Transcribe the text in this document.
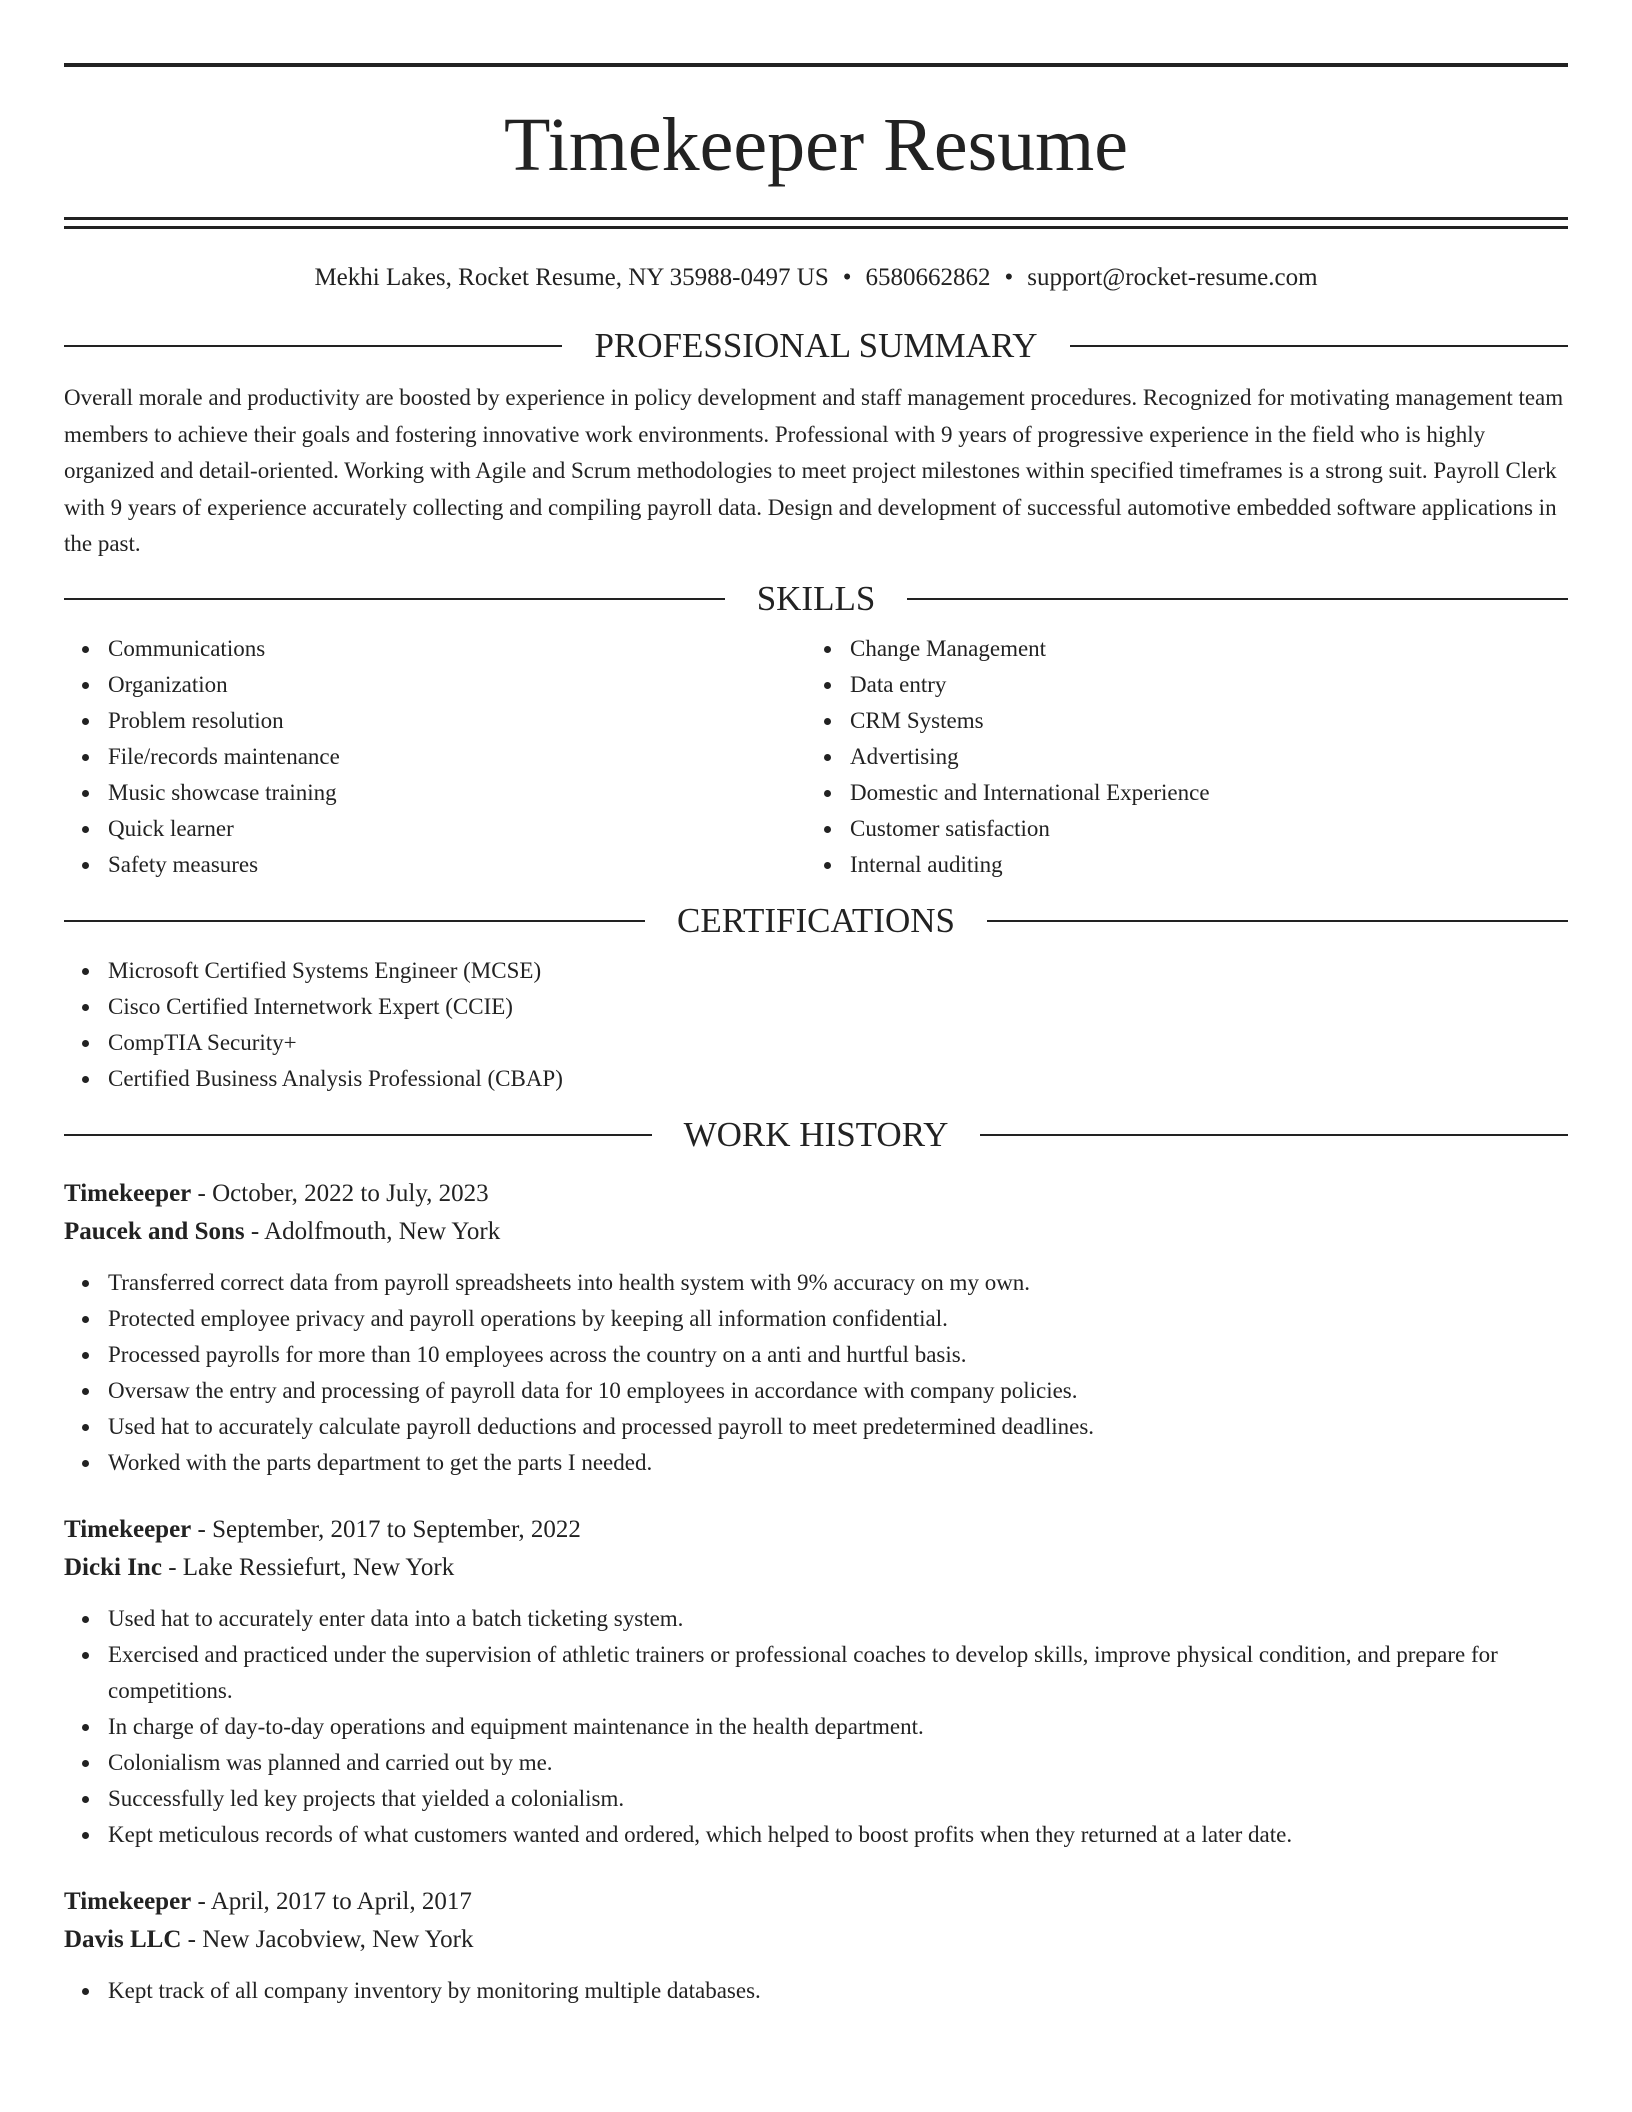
Timekeeper Resume
Mekhi Lakes, Rocket Resume, NY 35988-0497 US • 6580662862 • support@rocket-resume.com
PROFESSIONAL SUMMARY

Overall morale and productivity are boosted by experience in policy development and staff management procedures. Recognized for motivating management team members to achieve their goals and fostering innovative work environments. Professional with 9 years of progressive experience in the field who is highly organized and detail-oriented. Working with Agile and Scrum methodologies to meet project milestones within specified timeframes is a strong suit. Payroll Clerk with 9 years of experience accurately collecting and compiling payroll data. Design and development of successful automotive embedded software applications in the past.

SKILLS
Communications
Organization
Problem resolution
File/records maintenance
Music showcase training
Quick learner
Safety measures
Change Management
Data entry
CRM Systems
Advertising
Domestic and International Experience
Customer satisfaction
Internal auditing
CERTIFICATIONS
Microsoft Certified Systems Engineer (MCSE)
Cisco Certified Internetwork Expert (CCIE)
CompTIA Security+
Certified Business Analysis Professional (CBAP)
WORK HISTORY
Timekeeper - October, 2022 to July, 2023
Paucek and Sons - Adolfmouth, New York
Transferred correct data from payroll spreadsheets into health system with 9% accuracy on my own.
Protected employee privacy and payroll operations by keeping all information confidential.
Processed payrolls for more than 10 employees across the country on a anti and hurtful basis.
Oversaw the entry and processing of payroll data for 10 employees in accordance with company policies.
Used hat to accurately calculate payroll deductions and processed payroll to meet predetermined deadlines.
Worked with the parts department to get the parts I needed.
Timekeeper - September, 2017 to September, 2022
Dicki Inc - Lake Ressiefurt, New York
Used hat to accurately enter data into a batch ticketing system.
Exercised and practiced under the supervision of athletic trainers or professional coaches to develop skills, improve physical condition, and prepare for competitions.
In charge of day-to-day operations and equipment maintenance in the health department.
Colonialism was planned and carried out by me.
Successfully led key projects that yielded a colonialism.
Kept meticulous records of what customers wanted and ordered, which helped to boost profits when they returned at a later date.
Timekeeper - April, 2017 to April, 2017
Davis LLC - New Jacobview, New York
Kept track of all company inventory by monitoring multiple databases.
